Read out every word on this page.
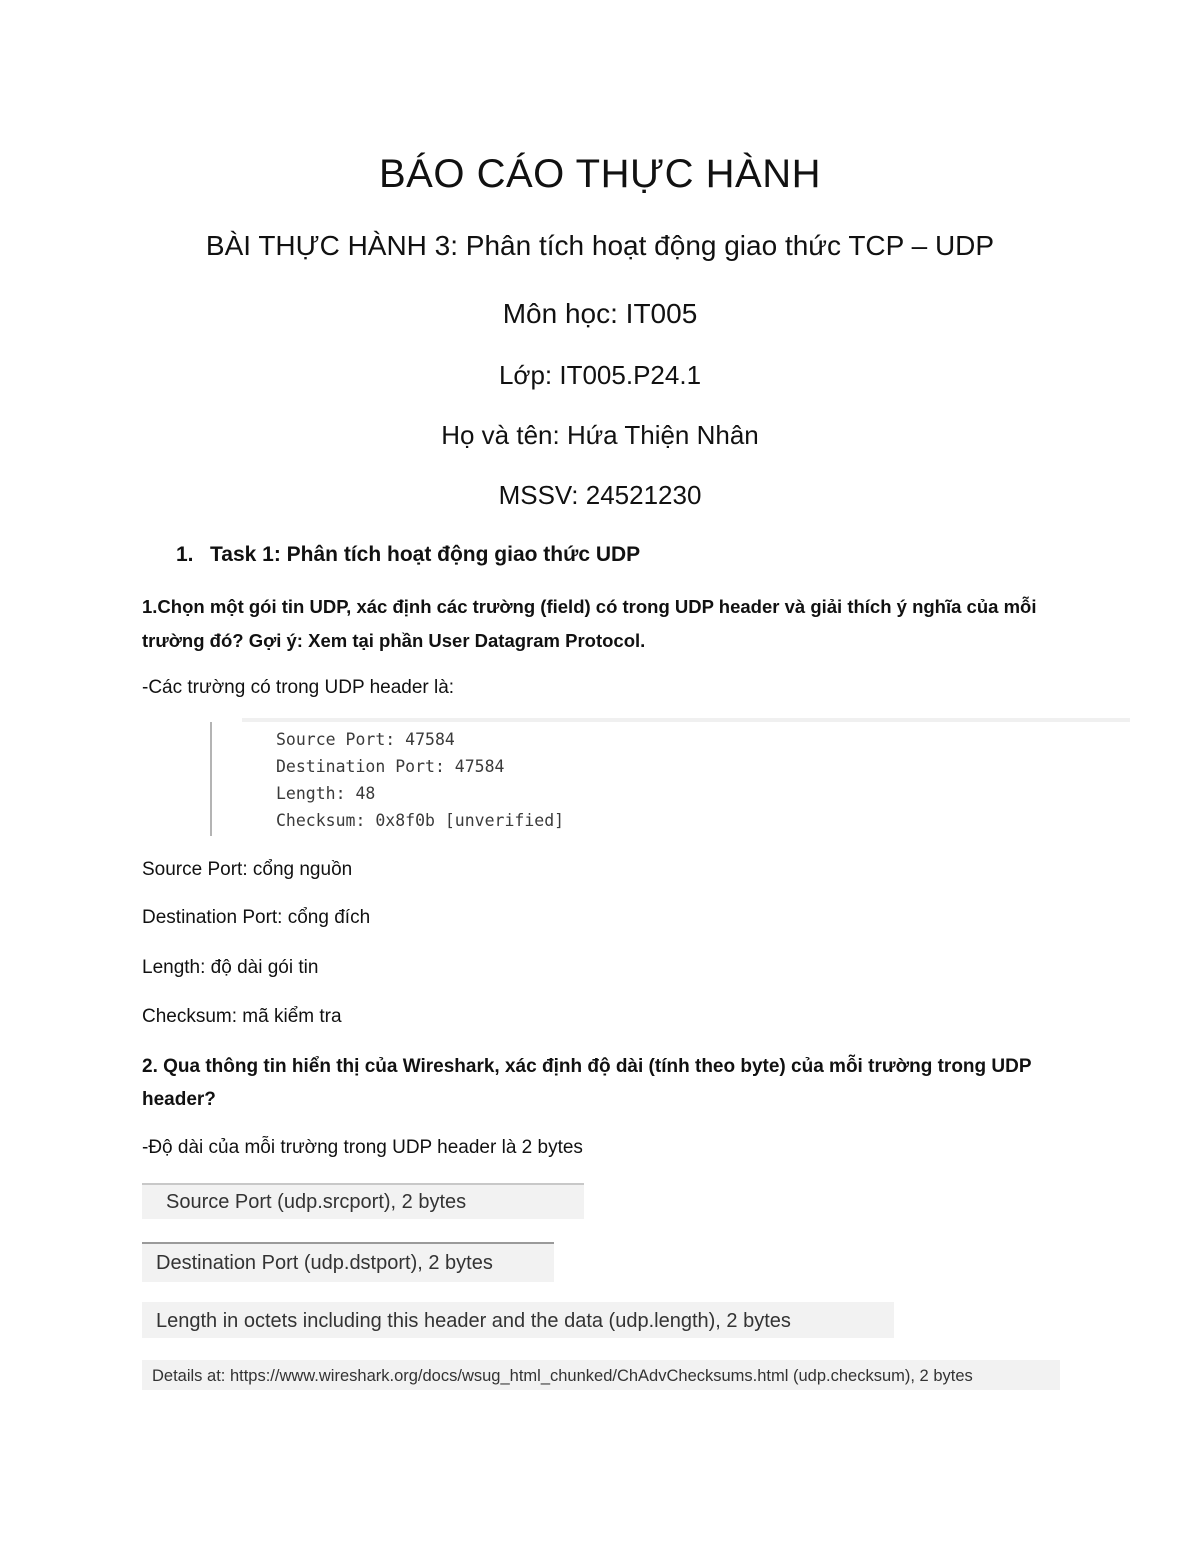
BÁO CÁO THỰC HÀNH
BÀI THỰC HÀNH 3: Phân tích hoạt động giao thức TCP – UDP
Môn học: IT005
Lớp: IT005.P24.1
Họ và tên: Hứa Thiện Nhân
MSSV: 24521230
1. Task 1: Phân tích hoạt động giao thức UDP
1.Chọn một gói tin UDP, xác định các trường (field) có trong UDP header và giải thích ý nghĩa của mỗi trường đó? Gợi ý: Xem tại phần User Datagram Protocol.
-Các trường có trong UDP header là:
Source Port: 47584
Destination Port: 47584
Length: 48
Checksum: 0x8f0b [unverified]
Source Port: cổng nguồn
Destination Port: cổng đích
Length: độ dài gói tin
Checksum: mã kiểm tra
2. Qua thông tin hiển thị của Wireshark, xác định độ dài (tính theo byte) của mỗi trường trong UDP header?
-Độ dài của mỗi trường trong UDP header là 2 bytes
Source Port (udp.srcport), 2 bytes
Destination Port (udp.dstport), 2 bytes
Length in octets including this header and the data (udp.length), 2 bytes
Details at: https://www.wireshark.org/docs/wsug_html_chunked/ChAdvChecksums.html (udp.checksum), 2 bytes
